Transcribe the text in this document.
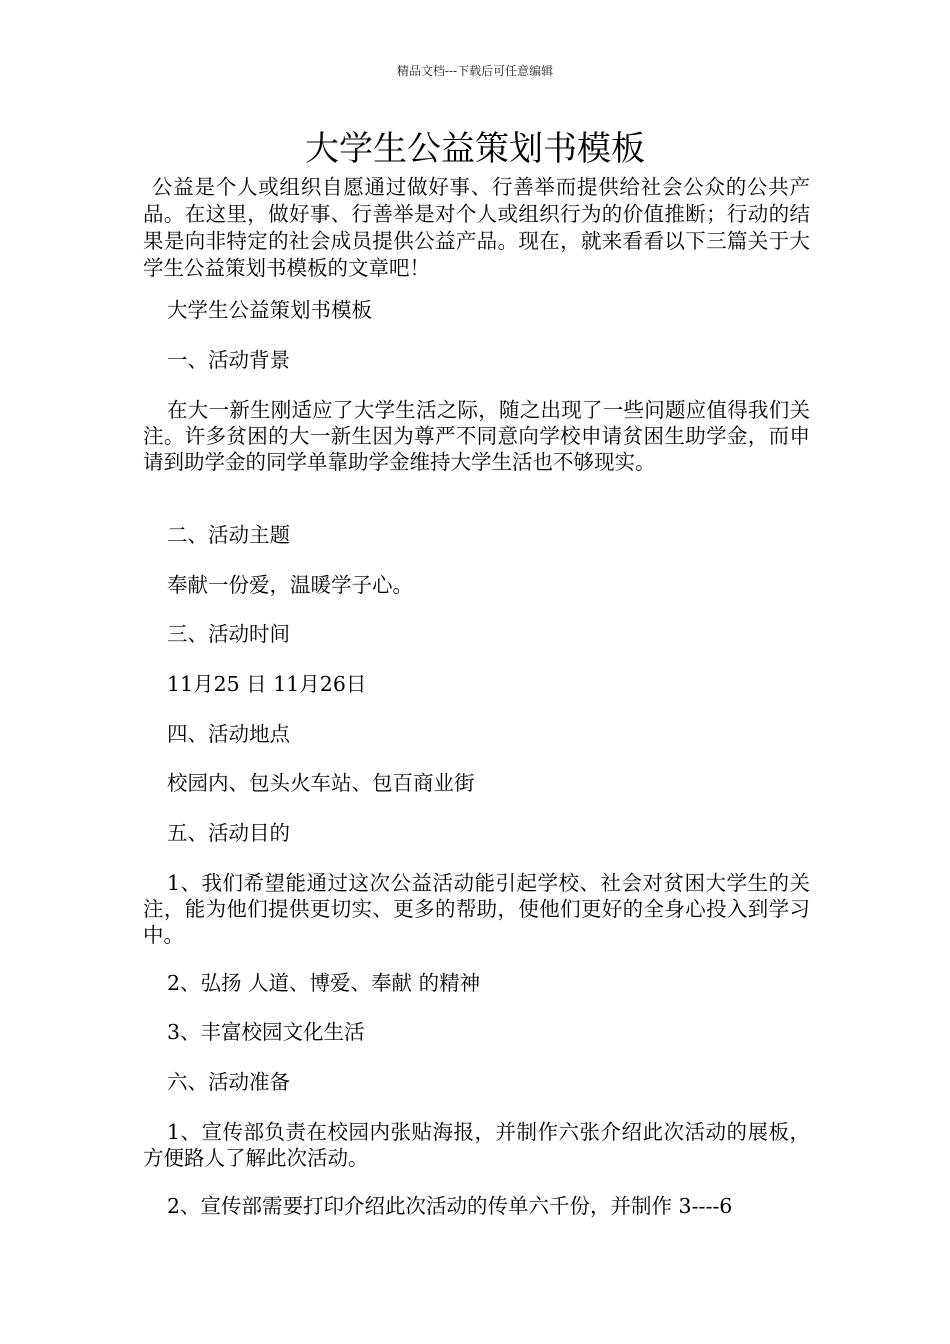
精品文档---下载后可任意编辑
大学生公益策划书模板
公益是个人或组织自愿通过做好事、行善举而提供给社会公众的公共产品。在这里，做好事、行善举是对个人或组织行为的价值推断；行动的结果是向非特定的社会成员提供公益产品。现在，就来看看以下三篇关于大学生公益策划书模板的文章吧！
大学生公益策划书模板
一、活动背景
在大一新生刚适应了大学生活之际，随之出现了一些问题应值得我们关注。许多贫困的大一新生因为尊严不同意向学校申请贫困生助学金，而申请到助学金的同学单靠助学金维持大学生活也不够现实。
二、活动主题
奉献一份爱，温暖学子心。
三、活动时间
11月25 日 11月26日
四、活动地点
校园内、包头火车站、包百商业街
五、活动目的
1、我们希望能通过这次公益活动能引起学校、社会对贫困大学生的关注，能为他们提供更切实、更多的帮助，使他们更好的全身心投入到学习中。
2、弘扬 人道、博爱、奉献 的精神
3、丰富校园文化生活
六、活动准备
1、宣传部负责在校园内张贴海报，并制作六张介绍此次活动的展板，方便路人了解此次活动。
2、宣传部需要打印介绍此次活动的传单六千份，并制作 3----6
